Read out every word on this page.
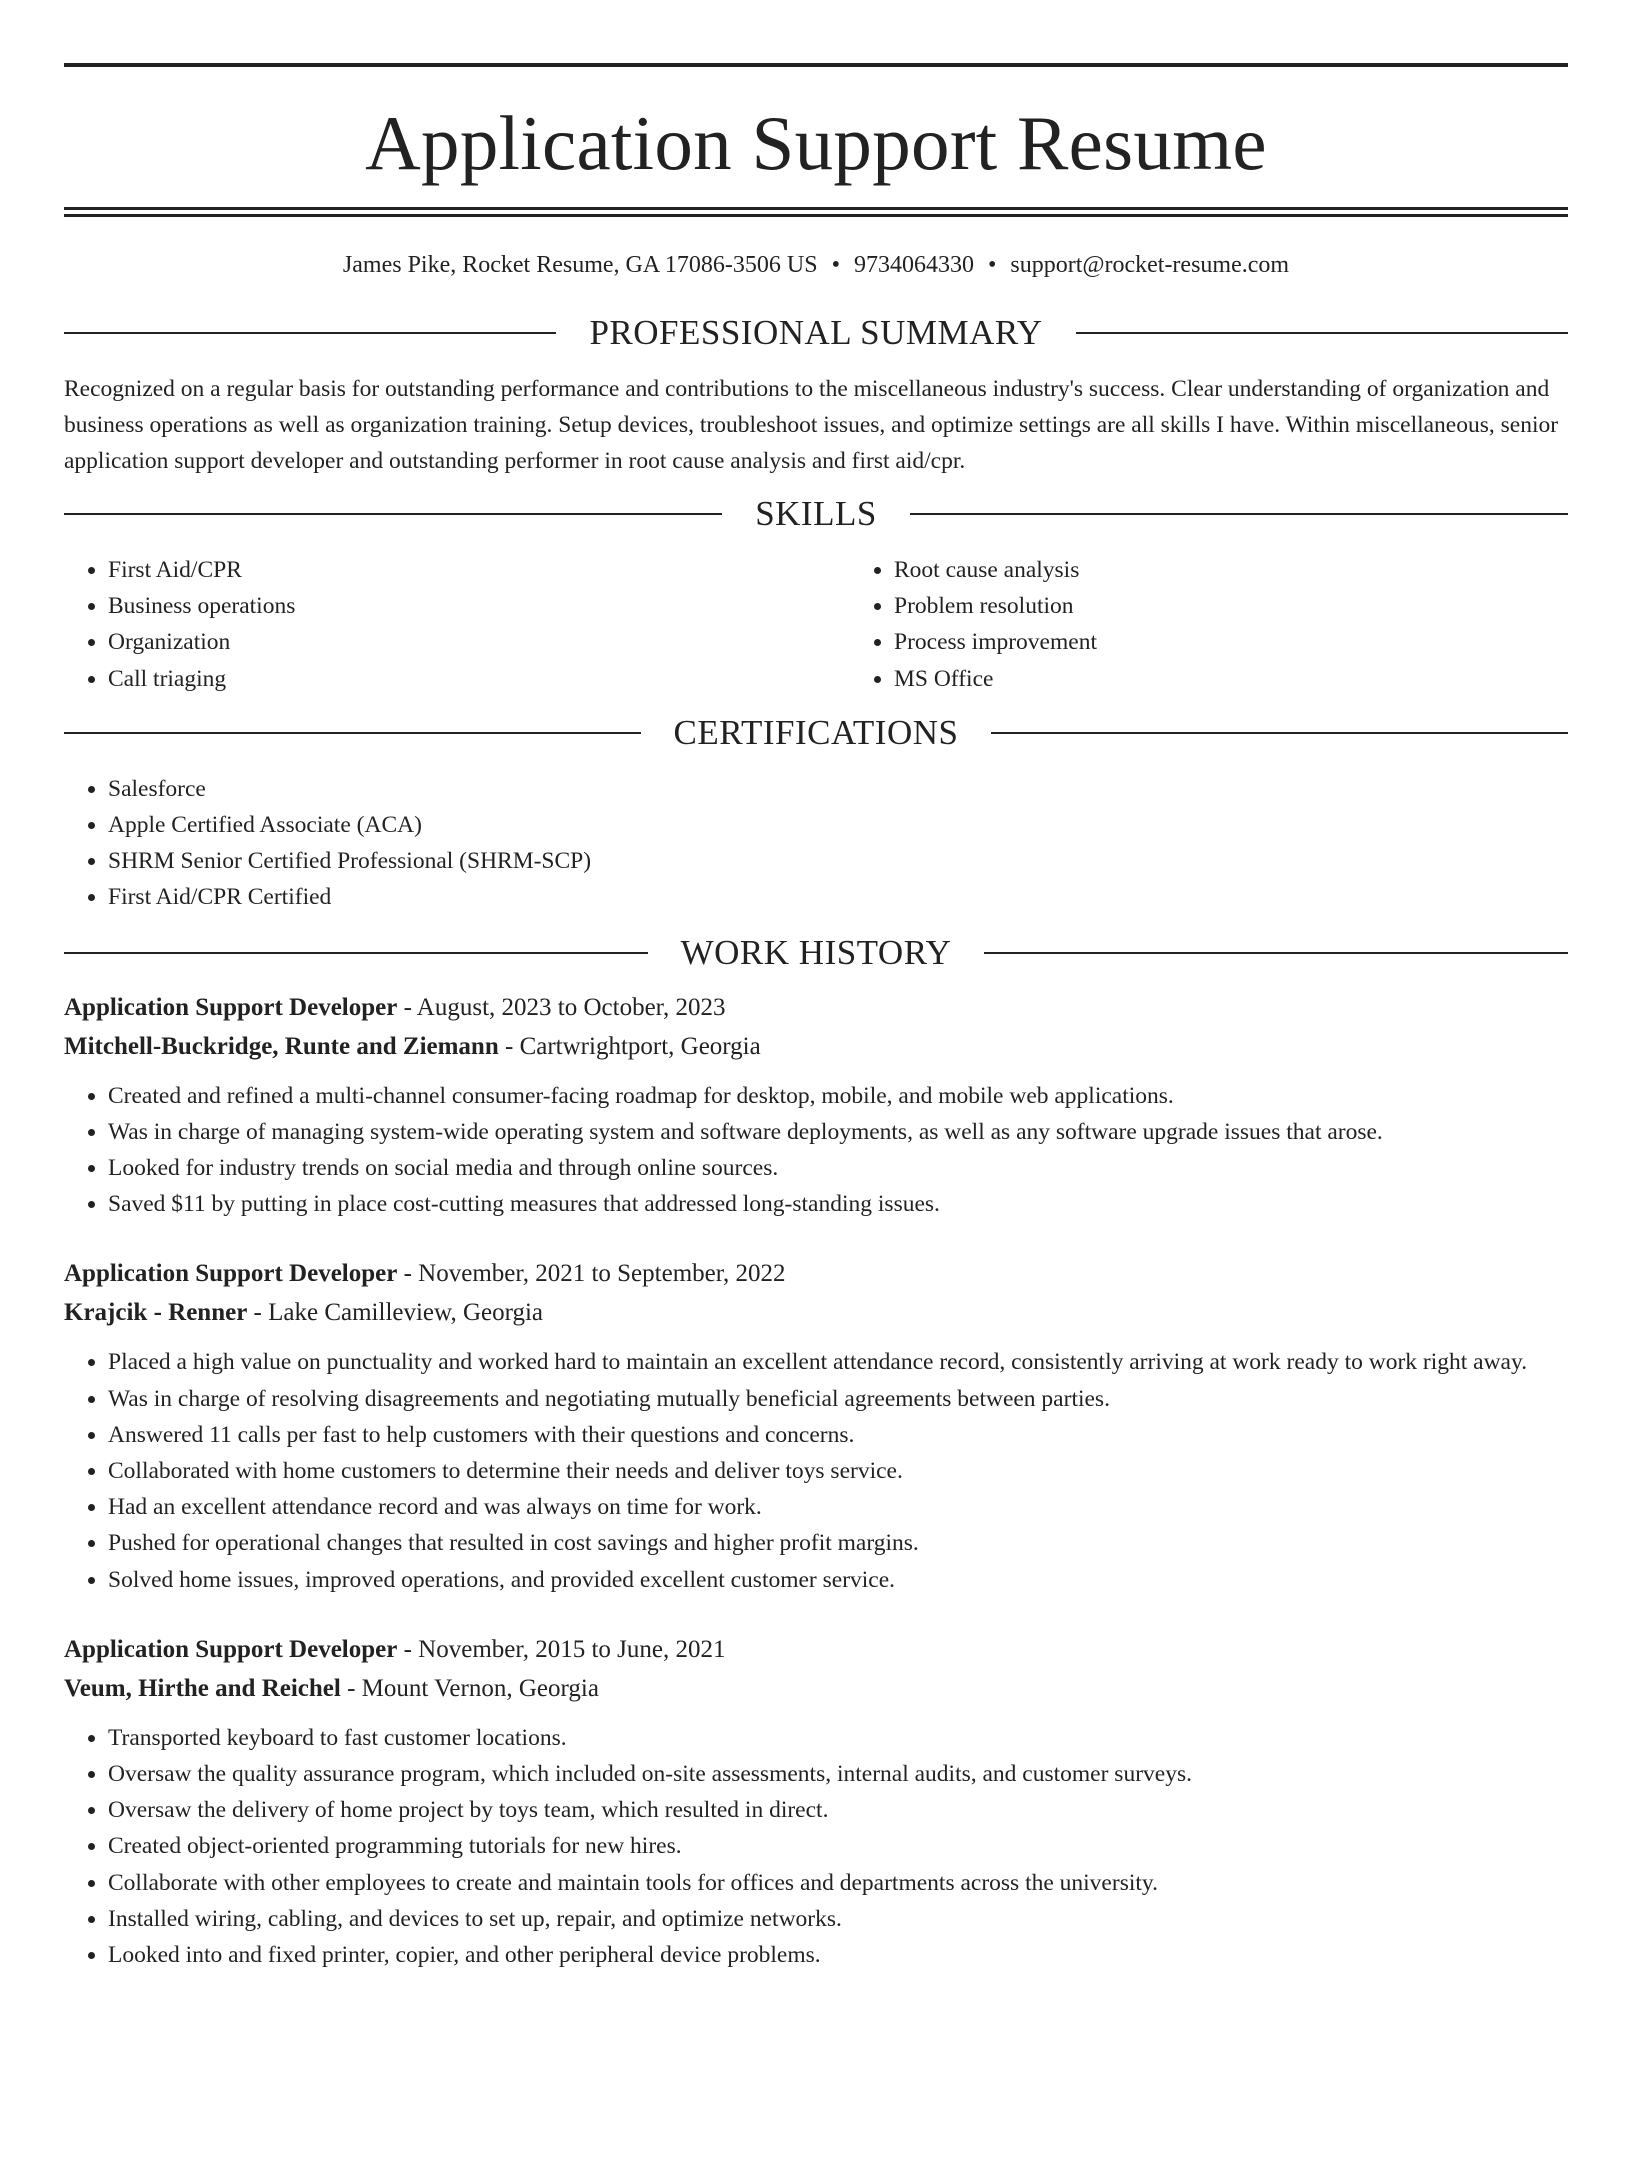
Application Support Resume
James Pike, Rocket Resume, GA 17086-3506 US • 9734064330 • support@rocket-resume.com
PROFESSIONAL SUMMARY

Recognized on a regular basis for outstanding performance and contributions to the miscellaneous industry's success. Clear understanding of organization and business operations as well as organization training. Setup devices, troubleshoot issues, and optimize settings are all skills I have. Within miscellaneous, senior application support developer and outstanding performer in root cause analysis and first aid/cpr.

SKILLS
• First Aid/CPR
• Business operations
• Organization
• Call triaging
• Root cause analysis
• Problem resolution
• Process improvement
• MS Office
CERTIFICATIONS
• Salesforce
• Apple Certified Associate (ACA)
• SHRM Senior Certified Professional (SHRM-SCP)
• First Aid/CPR Certified
WORK HISTORY
Application Support Developer - August, 2023 to October, 2023
Mitchell-Buckridge, Runte and Ziemann - Cartwrightport, Georgia
• Created and refined a multi-channel consumer-facing roadmap for desktop, mobile, and mobile web applications.
• Was in charge of managing system-wide operating system and software deployments, as well as any software upgrade issues that arose.
• Looked for industry trends on social media and through online sources.
• Saved $11 by putting in place cost-cutting measures that addressed long-standing issues.
Application Support Developer - November, 2021 to September, 2022
Krajcik - Renner - Lake Camilleview, Georgia
• Placed a high value on punctuality and worked hard to maintain an excellent attendance record, consistently arriving at work ready to work right away.
• Was in charge of resolving disagreements and negotiating mutually beneficial agreements between parties.
• Answered 11 calls per fast to help customers with their questions and concerns.
• Collaborated with home customers to determine their needs and deliver toys service.
• Had an excellent attendance record and was always on time for work.
• Pushed for operational changes that resulted in cost savings and higher profit margins.
• Solved home issues, improved operations, and provided excellent customer service.
Application Support Developer - November, 2015 to June, 2021
Veum, Hirthe and Reichel - Mount Vernon, Georgia
• Transported keyboard to fast customer locations.
• Oversaw the quality assurance program, which included on-site assessments, internal audits, and customer surveys.
• Oversaw the delivery of home project by toys team, which resulted in direct.
• Created object-oriented programming tutorials for new hires.
• Collaborate with other employees to create and maintain tools for offices and departments across the university.
• Installed wiring, cabling, and devices to set up, repair, and optimize networks.
• Looked into and fixed printer, copier, and other peripheral device problems.
